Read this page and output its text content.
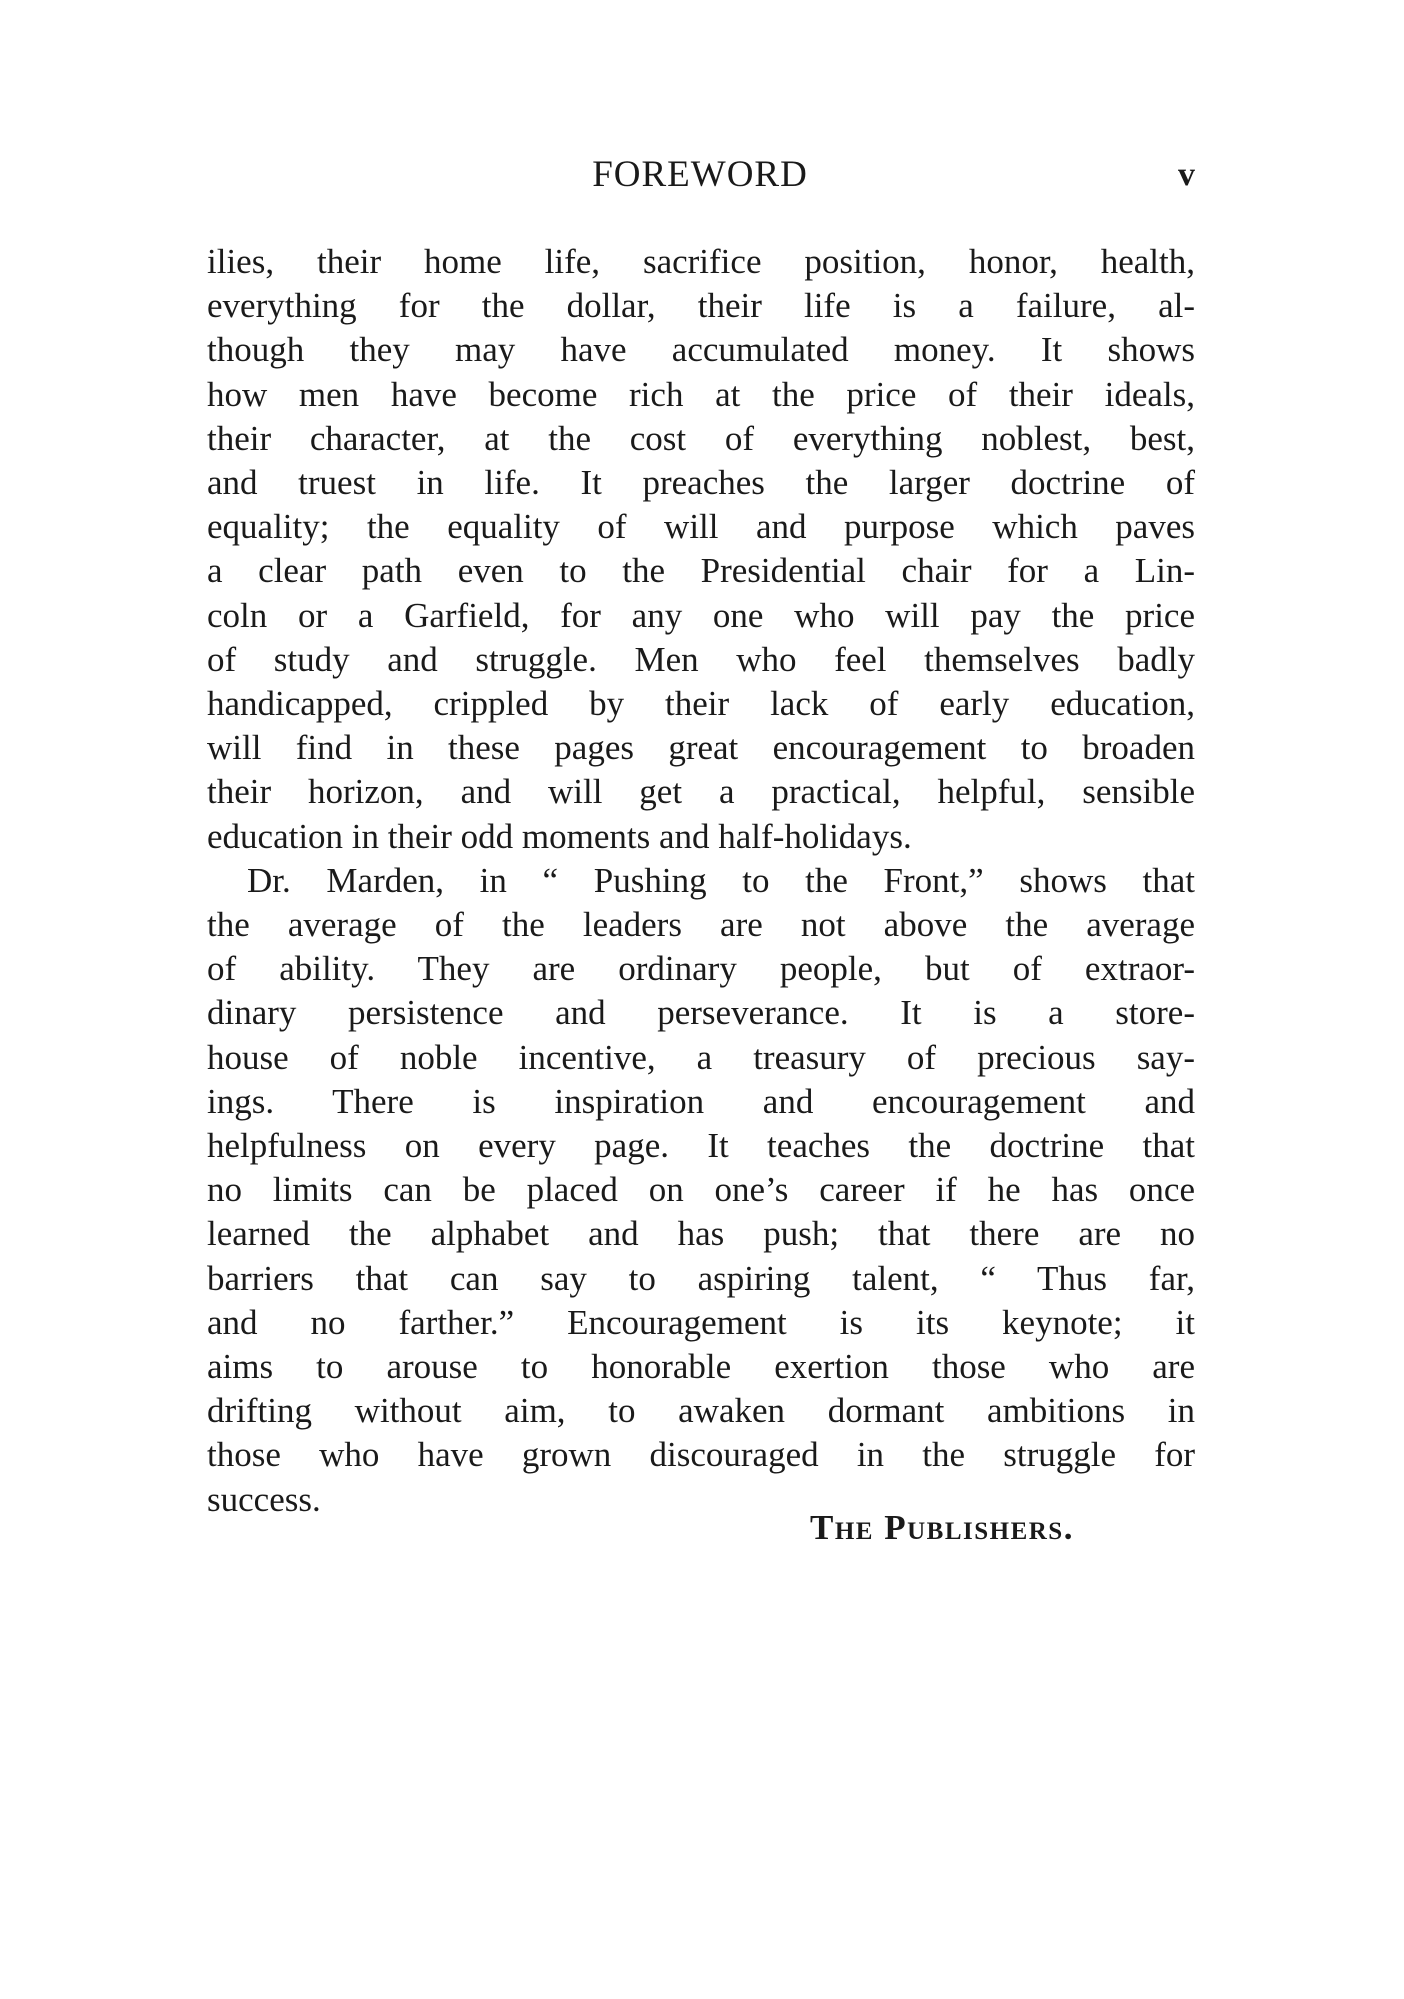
FOREWORD	v
ilies, their home life, sacrifice position, honor, health,
everything for the dollar, their life is a failure, al-
though they may have accumulated money. It shows
how men have become rich at the price of their ideals,
their character, at the cost of everything noblest, best,
and truest in life. It preaches the larger doctrine of
equality; the equality of will and purpose which paves
a clear path even to the Presidential chair for a Lin-
coln or a Garfield, for any one who will pay the price
of study and struggle. Men who feel themselves badly
handicapped, crippled by their lack of early education,
will find in these pages great encouragement to broaden
their horizon, and will get a practical, helpful, sensible
education in their odd moments and half-holidays.
Dr. Marden, in “ Pushing to the Front,” shows that
the average of the leaders are not above the average
of ability. They are ordinary people, but of extraor-
dinary persistence and perseverance. It is a store-
house of noble incentive, a treasury of precious say-
ings. There is inspiration and encouragement and
helpfulness on every page. It teaches the doctrine that
no limits can be placed on one’s career if he has once
learned the alphabet and has push; that there are no
barriers that can say to aspiring talent, “ Thus far,
and no farther.” Encouragement is its keynote; it
aims to arouse to honorable exertion those who are
drifting without aim, to awaken dormant ambitions in
those who have grown discouraged in the struggle for
success.
The Publishers.
